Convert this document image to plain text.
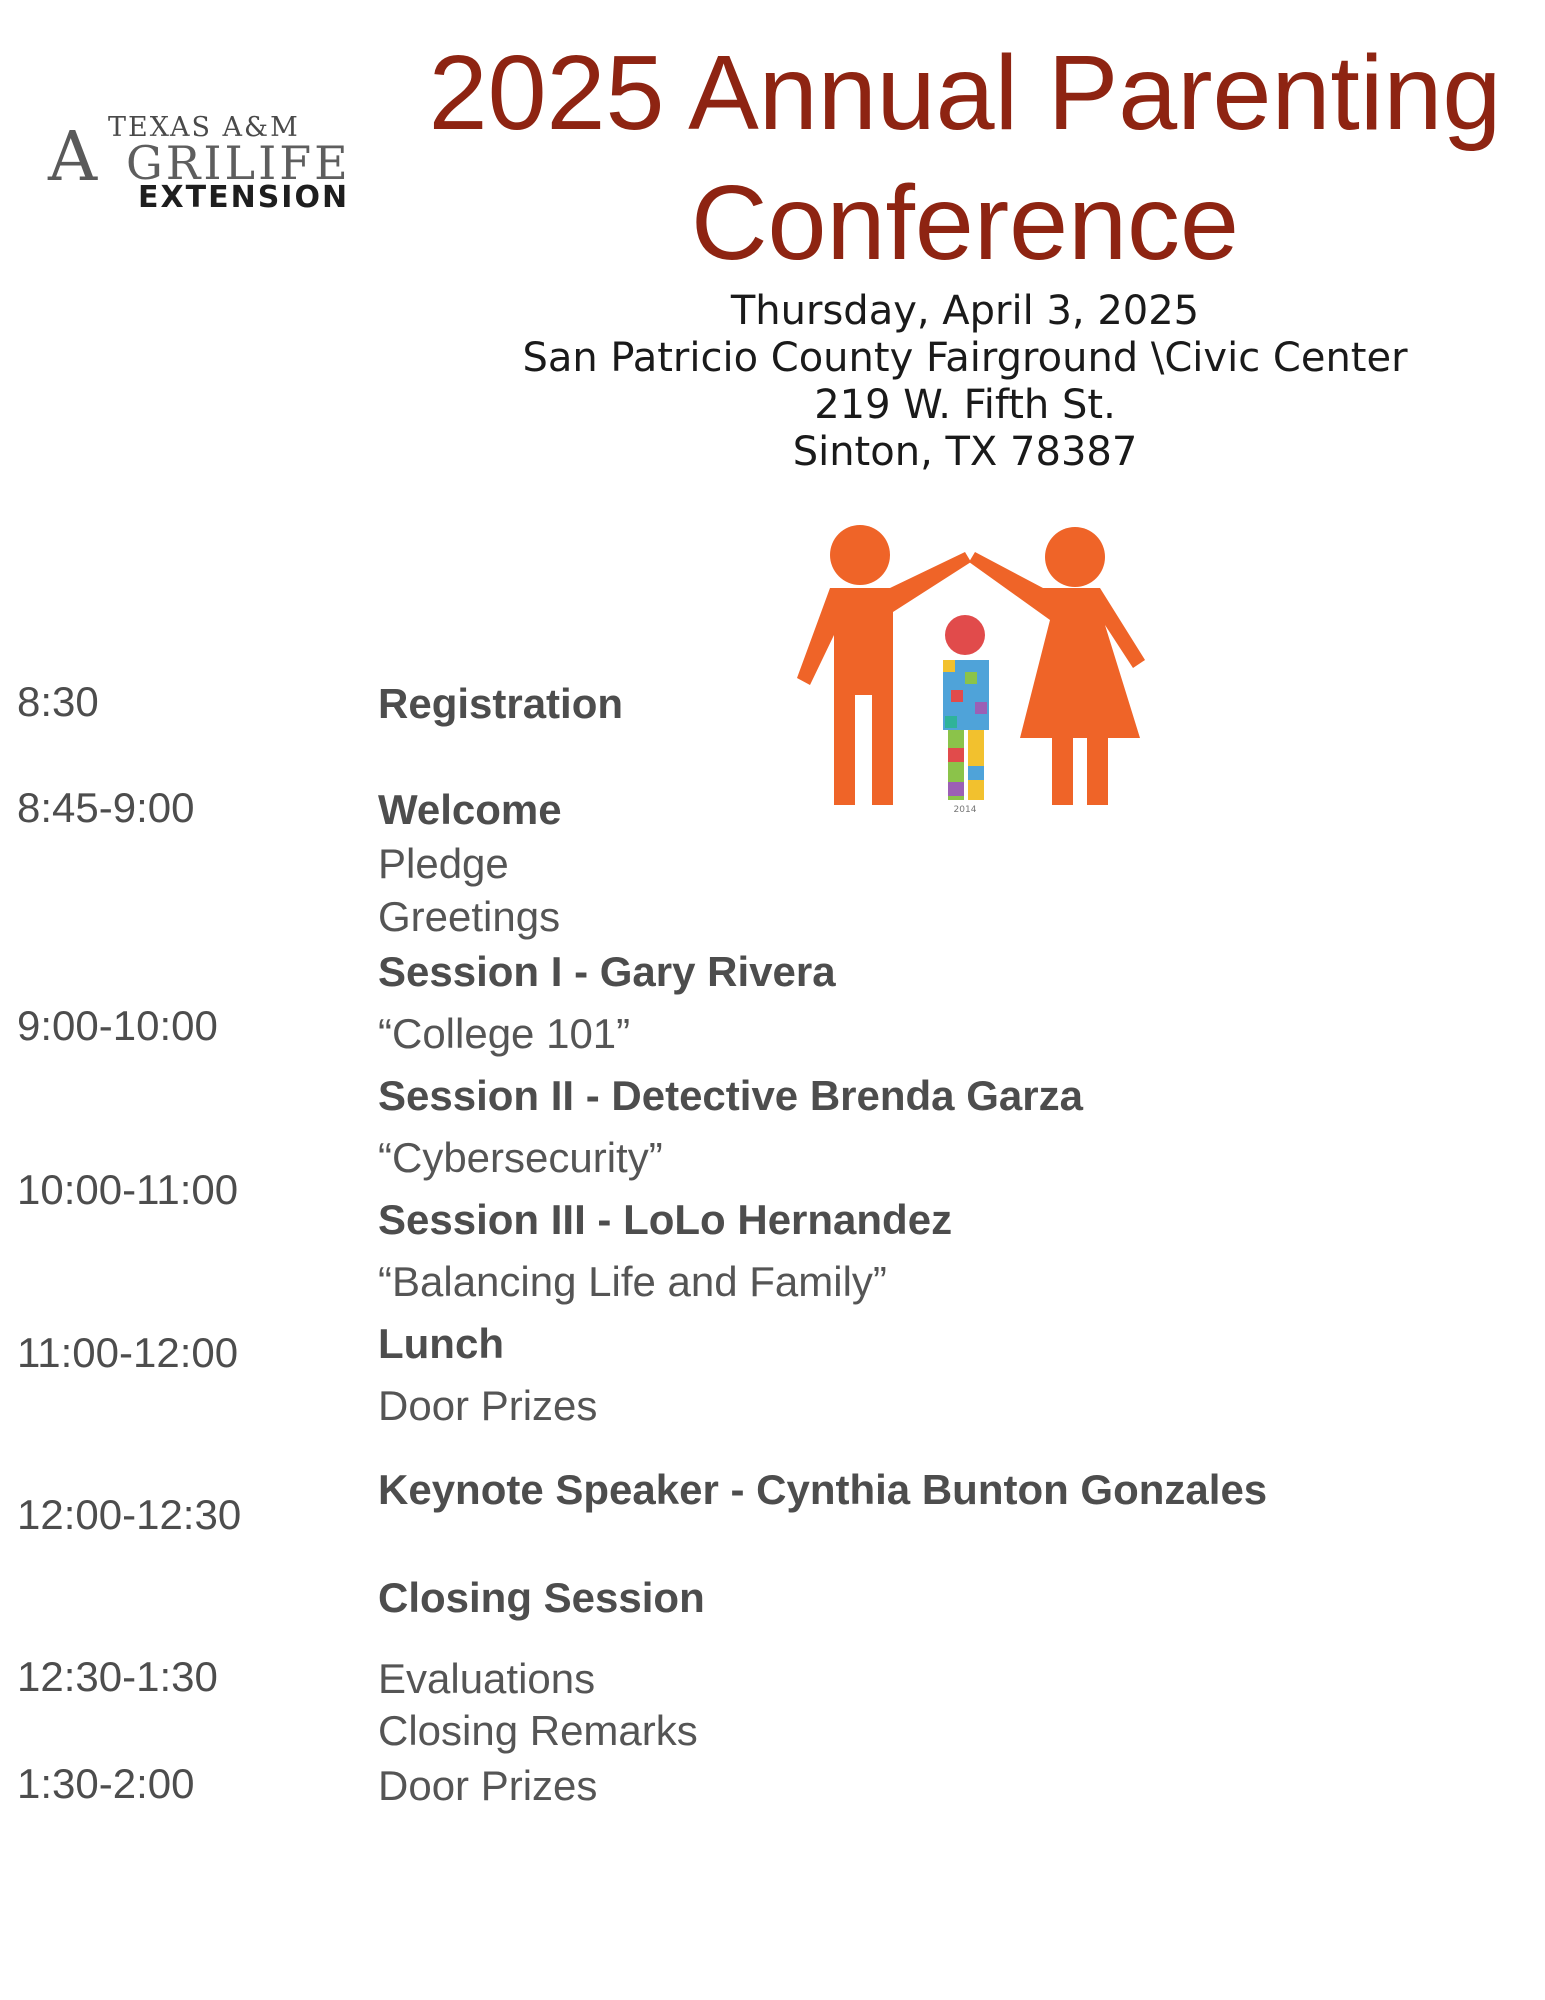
TEXAS A&M
A GRILIFE
EXTENSION
2025 Annual Parenting
Conference
Thursday, April 3, 2025
San Patricio County Fairground \Civic Center
219 W. Fifth St.
Sinton, TX 78387
2014
8:30
8:45-9:00
9:00-10:00
10:00-11:00
11:00-12:00
12:00-12:30
12:30-1:30
1:30-2:00
Registration
Welcome
Pledge
Greetings
Session I - Gary Rivera
“College 101”
Session II - Detective Brenda Garza
“Cybersecurity”
Session III - LoLo Hernandez
“Balancing Life and Family”
Lunch
Door Prizes
Keynote Speaker - Cynthia Bunton Gonzales
Closing Session
Evaluations
Closing Remarks
Door Prizes
